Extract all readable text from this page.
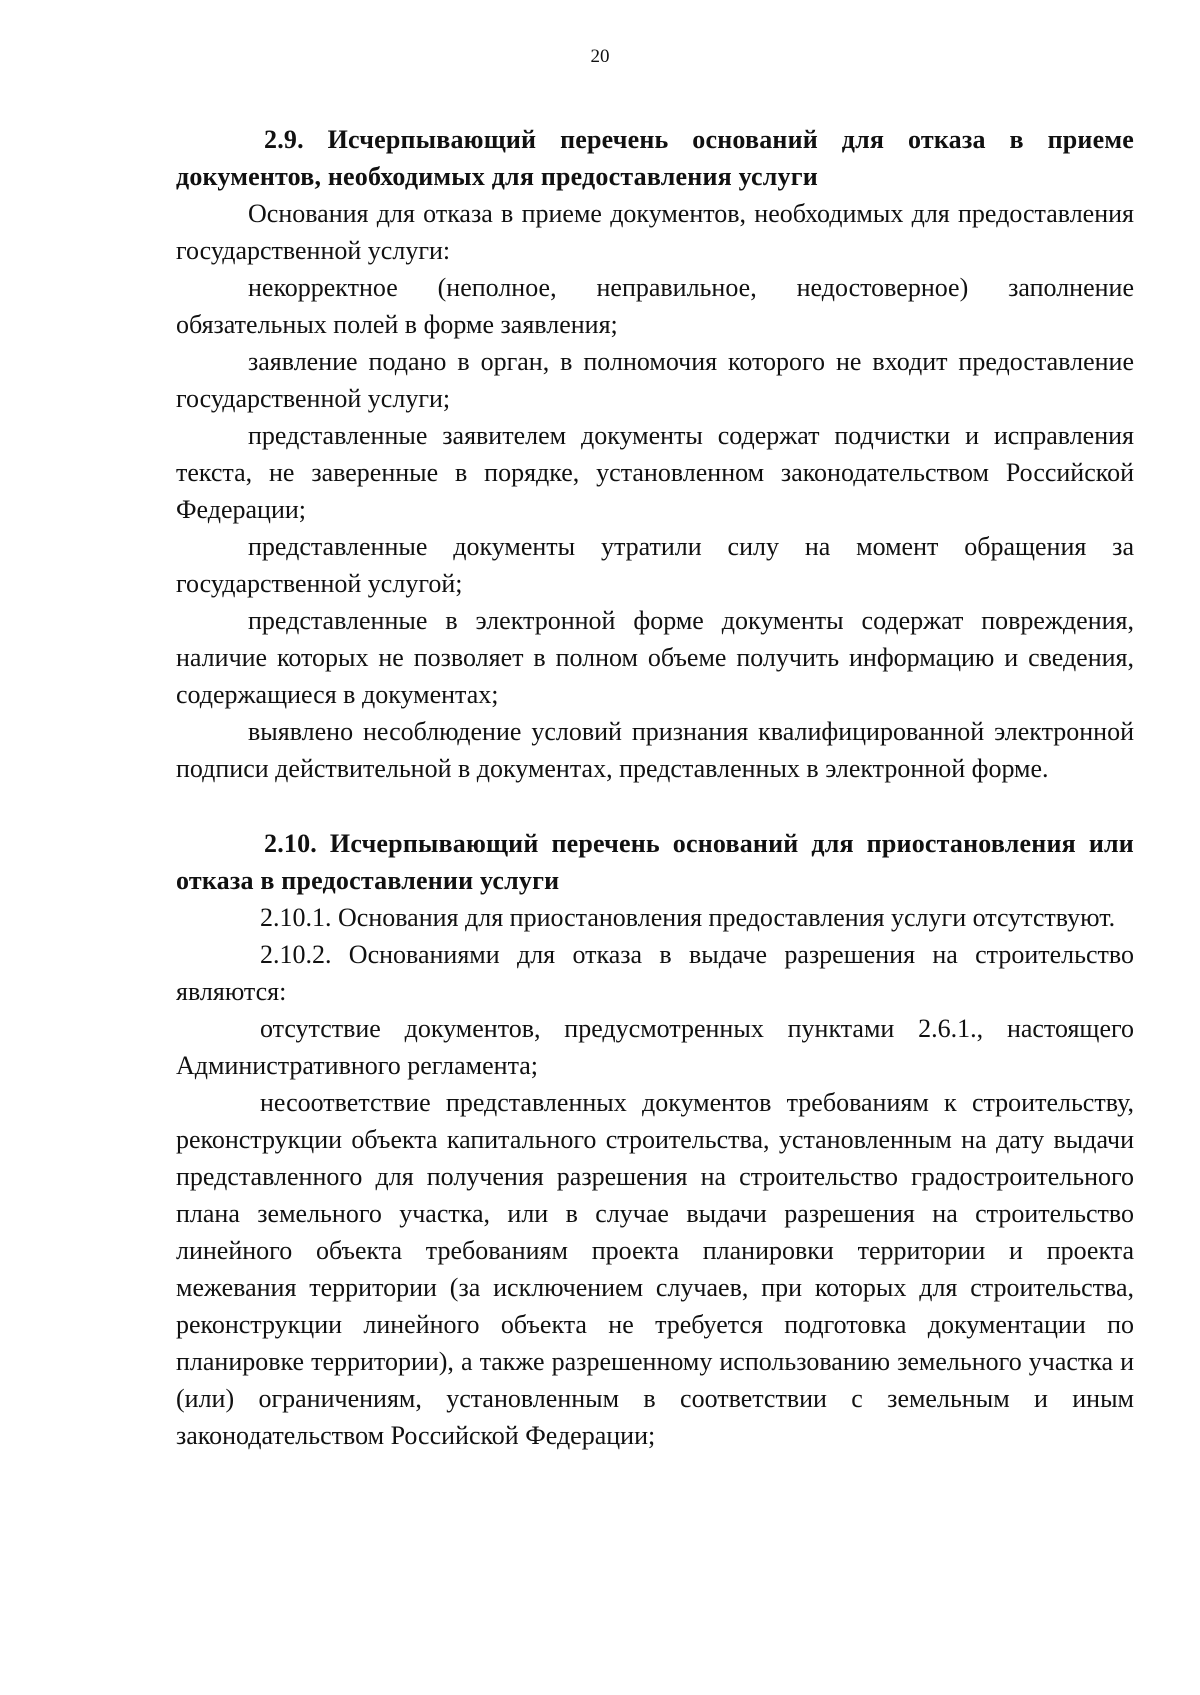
20

2.9. Исчерпывающий перечень оснований для отказа в приеме документов, необходимых для предоставления услуги

Основания для отказа в приеме документов, необходимых для предоставления государственной услуги:

некорректное (неполное, неправильное, недостоверное) заполнение обязательных полей в форме заявления;

заявление подано в орган, в полномочия которого не входит предоставление государственной услуги;

представленные заявителем документы содержат подчистки и исправления текста, не заверенные в порядке, установленном законодательством Российской Федерации;

представленные документы утратили силу на момент обращения за государственной услугой;

представленные в электронной форме документы содержат повреждения, наличие которых не позволяет в полном объеме получить информацию и сведения, содержащиеся в документах;

выявлено несоблюдение условий признания квалифицированной электронной подписи действительной в документах, представленных в электронной форме.

2.10. Исчерпывающий перечень оснований для приостановления или отказа в предоставлении услуги

2.10.1. Основания для приостановления предоставления услуги отсутствуют.

2.10.2. Основаниями для отказа в выдаче разрешения на строительство являются:

отсутствие документов, предусмотренных пунктами 2.6.1., настоящего Административного регламента;

несоответствие представленных документов требованиям к строительству, реконструкции объекта капитального строительства, установленным на дату выдачи представленного для получения разрешения на строительство градостроительного плана земельного участка, или в случае выдачи разрешения на строительство линейного объекта требованиям проекта планировки территории и проекта межевания территории (за исключением случаев, при которых для строительства, реконструкции линейного объекта не требуется подготовка документации по планировке территории), а также разрешенному использованию земельного участка и (или) ограничениям, установленным в соответствии с земельным и иным законодательством Российской Федерации;
